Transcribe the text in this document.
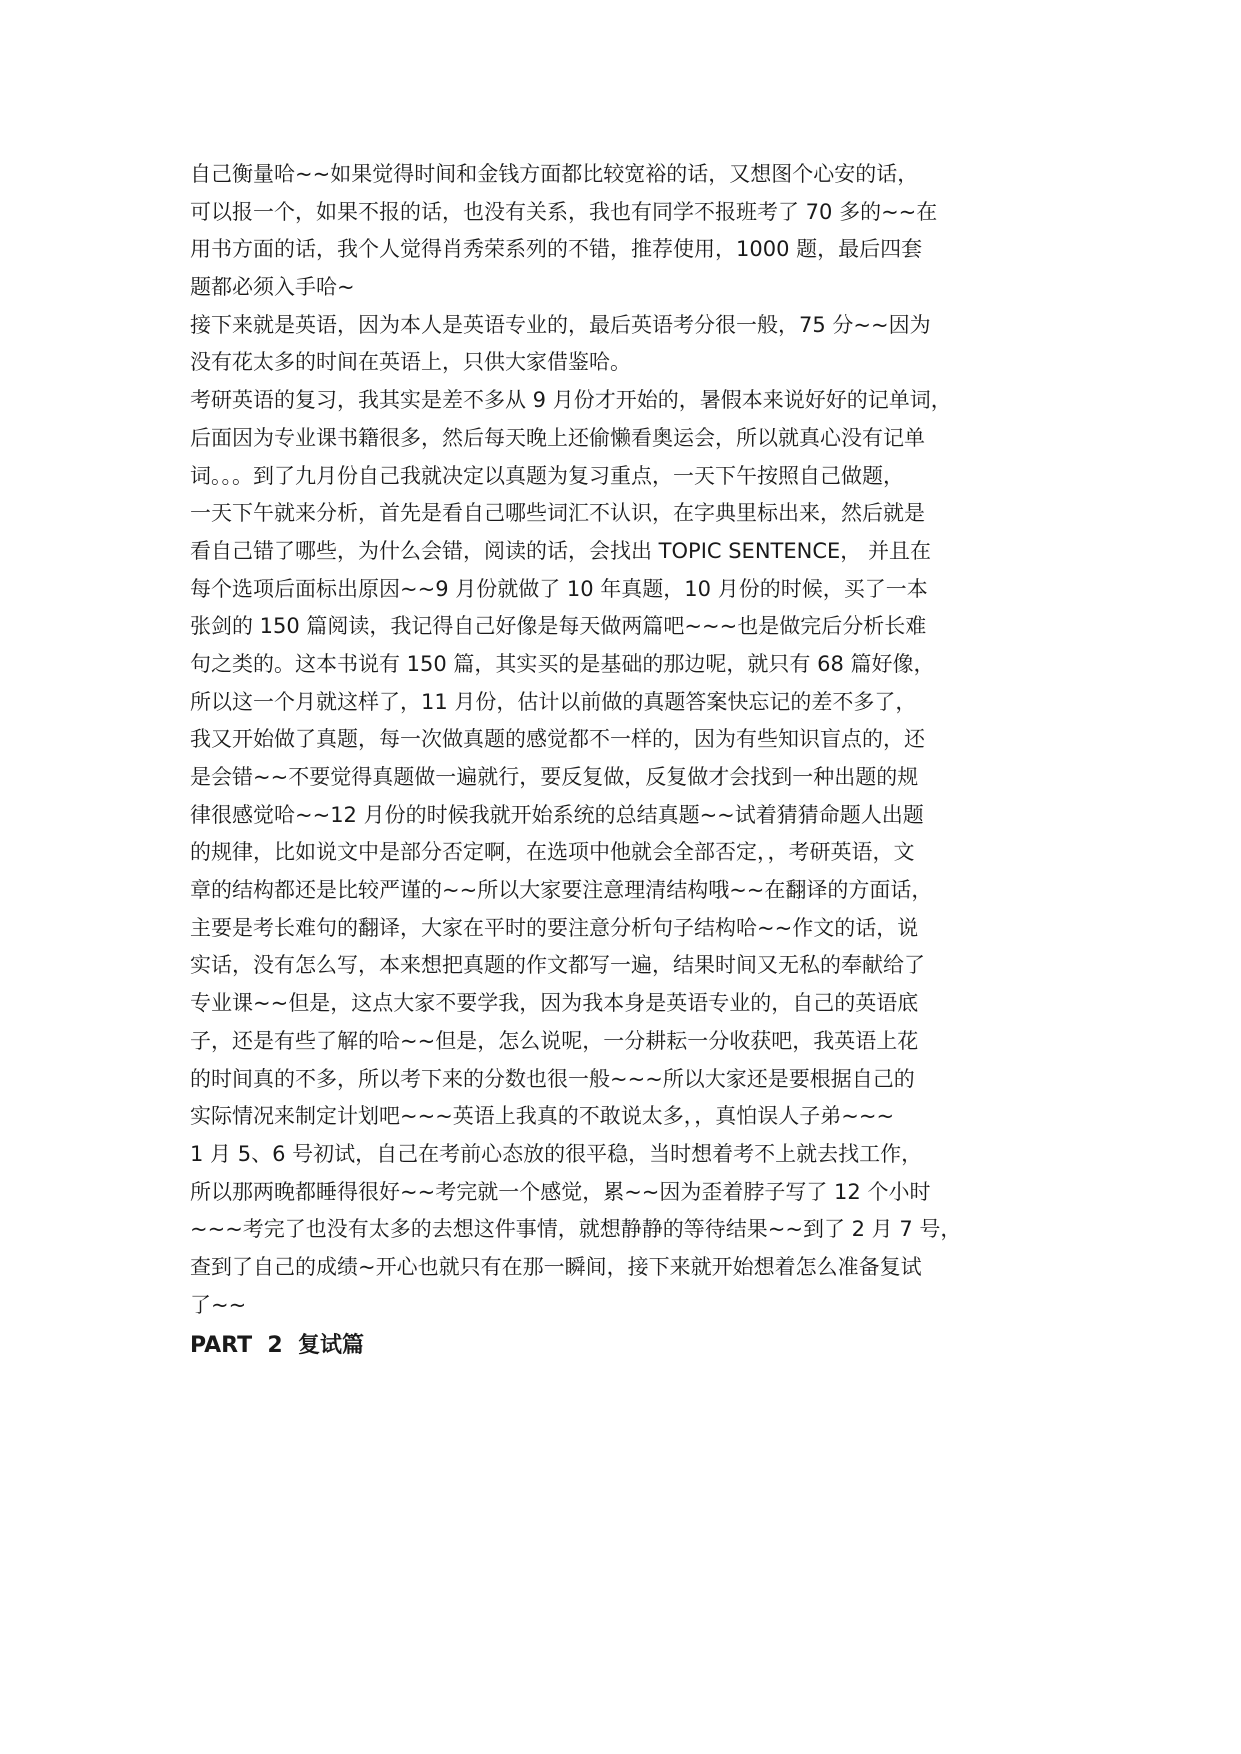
自己衡量哈~~如果觉得时间和金钱方面都比较宽裕的话，又想图个心安的话，
可以报一个，如果不报的话，也没有关系，我也有同学不报班考了 70 多的~~在
用书方面的话，我个人觉得肖秀荣系列的不错，推荐使用，1000 题，最后四套
题都必须入手哈~
接下来就是英语，因为本人是英语专业的，最后英语考分很一般，75 分~~因为
没有花太多的时间在英语上，只供大家借鉴哈。
考研英语的复习，我其实是差不多从 9 月份才开始的，暑假本来说好好的记单词，
后面因为专业课书籍很多，然后每天晚上还偷懒看奥运会，所以就真心没有记单
词。。。到了九月份自己我就决定以真题为复习重点，一天下午按照自己做题，
一天下午就来分析，首先是看自己哪些词汇不认识，在字典里标出来，然后就是
看自己错了哪些，为什么会错，阅读的话，会找出 TOPIC SENTENCE， 并且在
每个选项后面标出原因~~9 月份就做了 10 年真题，10 月份的时候，买了一本
张剑的 150 篇阅读，我记得自己好像是每天做两篇吧~~~也是做完后分析长难
句之类的。这本书说有 150 篇，其实买的是基础的那边呢，就只有 68 篇好像，
所以这一个月就这样了，11 月份，估计以前做的真题答案快忘记的差不多了，
我又开始做了真题，每一次做真题的感觉都不一样的，因为有些知识盲点的，还
是会错~~不要觉得真题做一遍就行，要反复做，反复做才会找到一种出题的规
律很感觉哈~~12 月份的时候我就开始系统的总结真题~~试着猜猜命题人出题
的规律，比如说文中是部分否定啊，在选项中他就会全部否定，，考研英语，文
章的结构都还是比较严谨的~~所以大家要注意理清结构哦~~在翻译的方面话，
主要是考长难句的翻译，大家在平时的要注意分析句子结构哈~~作文的话，说
实话，没有怎么写，本来想把真题的作文都写一遍，结果时间又无私的奉献给了
专业课~~但是，这点大家不要学我，因为我本身是英语专业的，自己的英语底
子，还是有些了解的哈~~但是，怎么说呢，一分耕耘一分收获吧，我英语上花
的时间真的不多，所以考下来的分数也很一般~~~所以大家还是要根据自己的
实际情况来制定计划吧~~~英语上我真的不敢说太多，，真怕误人子弟~~~
1 月 5、6 号初试，自己在考前心态放的很平稳，当时想着考不上就去找工作，
所以那两晚都睡得很好~~考完就一个感觉，累~~因为歪着脖子写了 12 个小时
~~~考完了也没有太多的去想这件事情，就想静静的等待结果~~到了 2 月 7 号，
查到了自己的成绩~开心也就只有在那一瞬间，接下来就开始想着怎么准备复试
了~~
PART  2  复试篇
